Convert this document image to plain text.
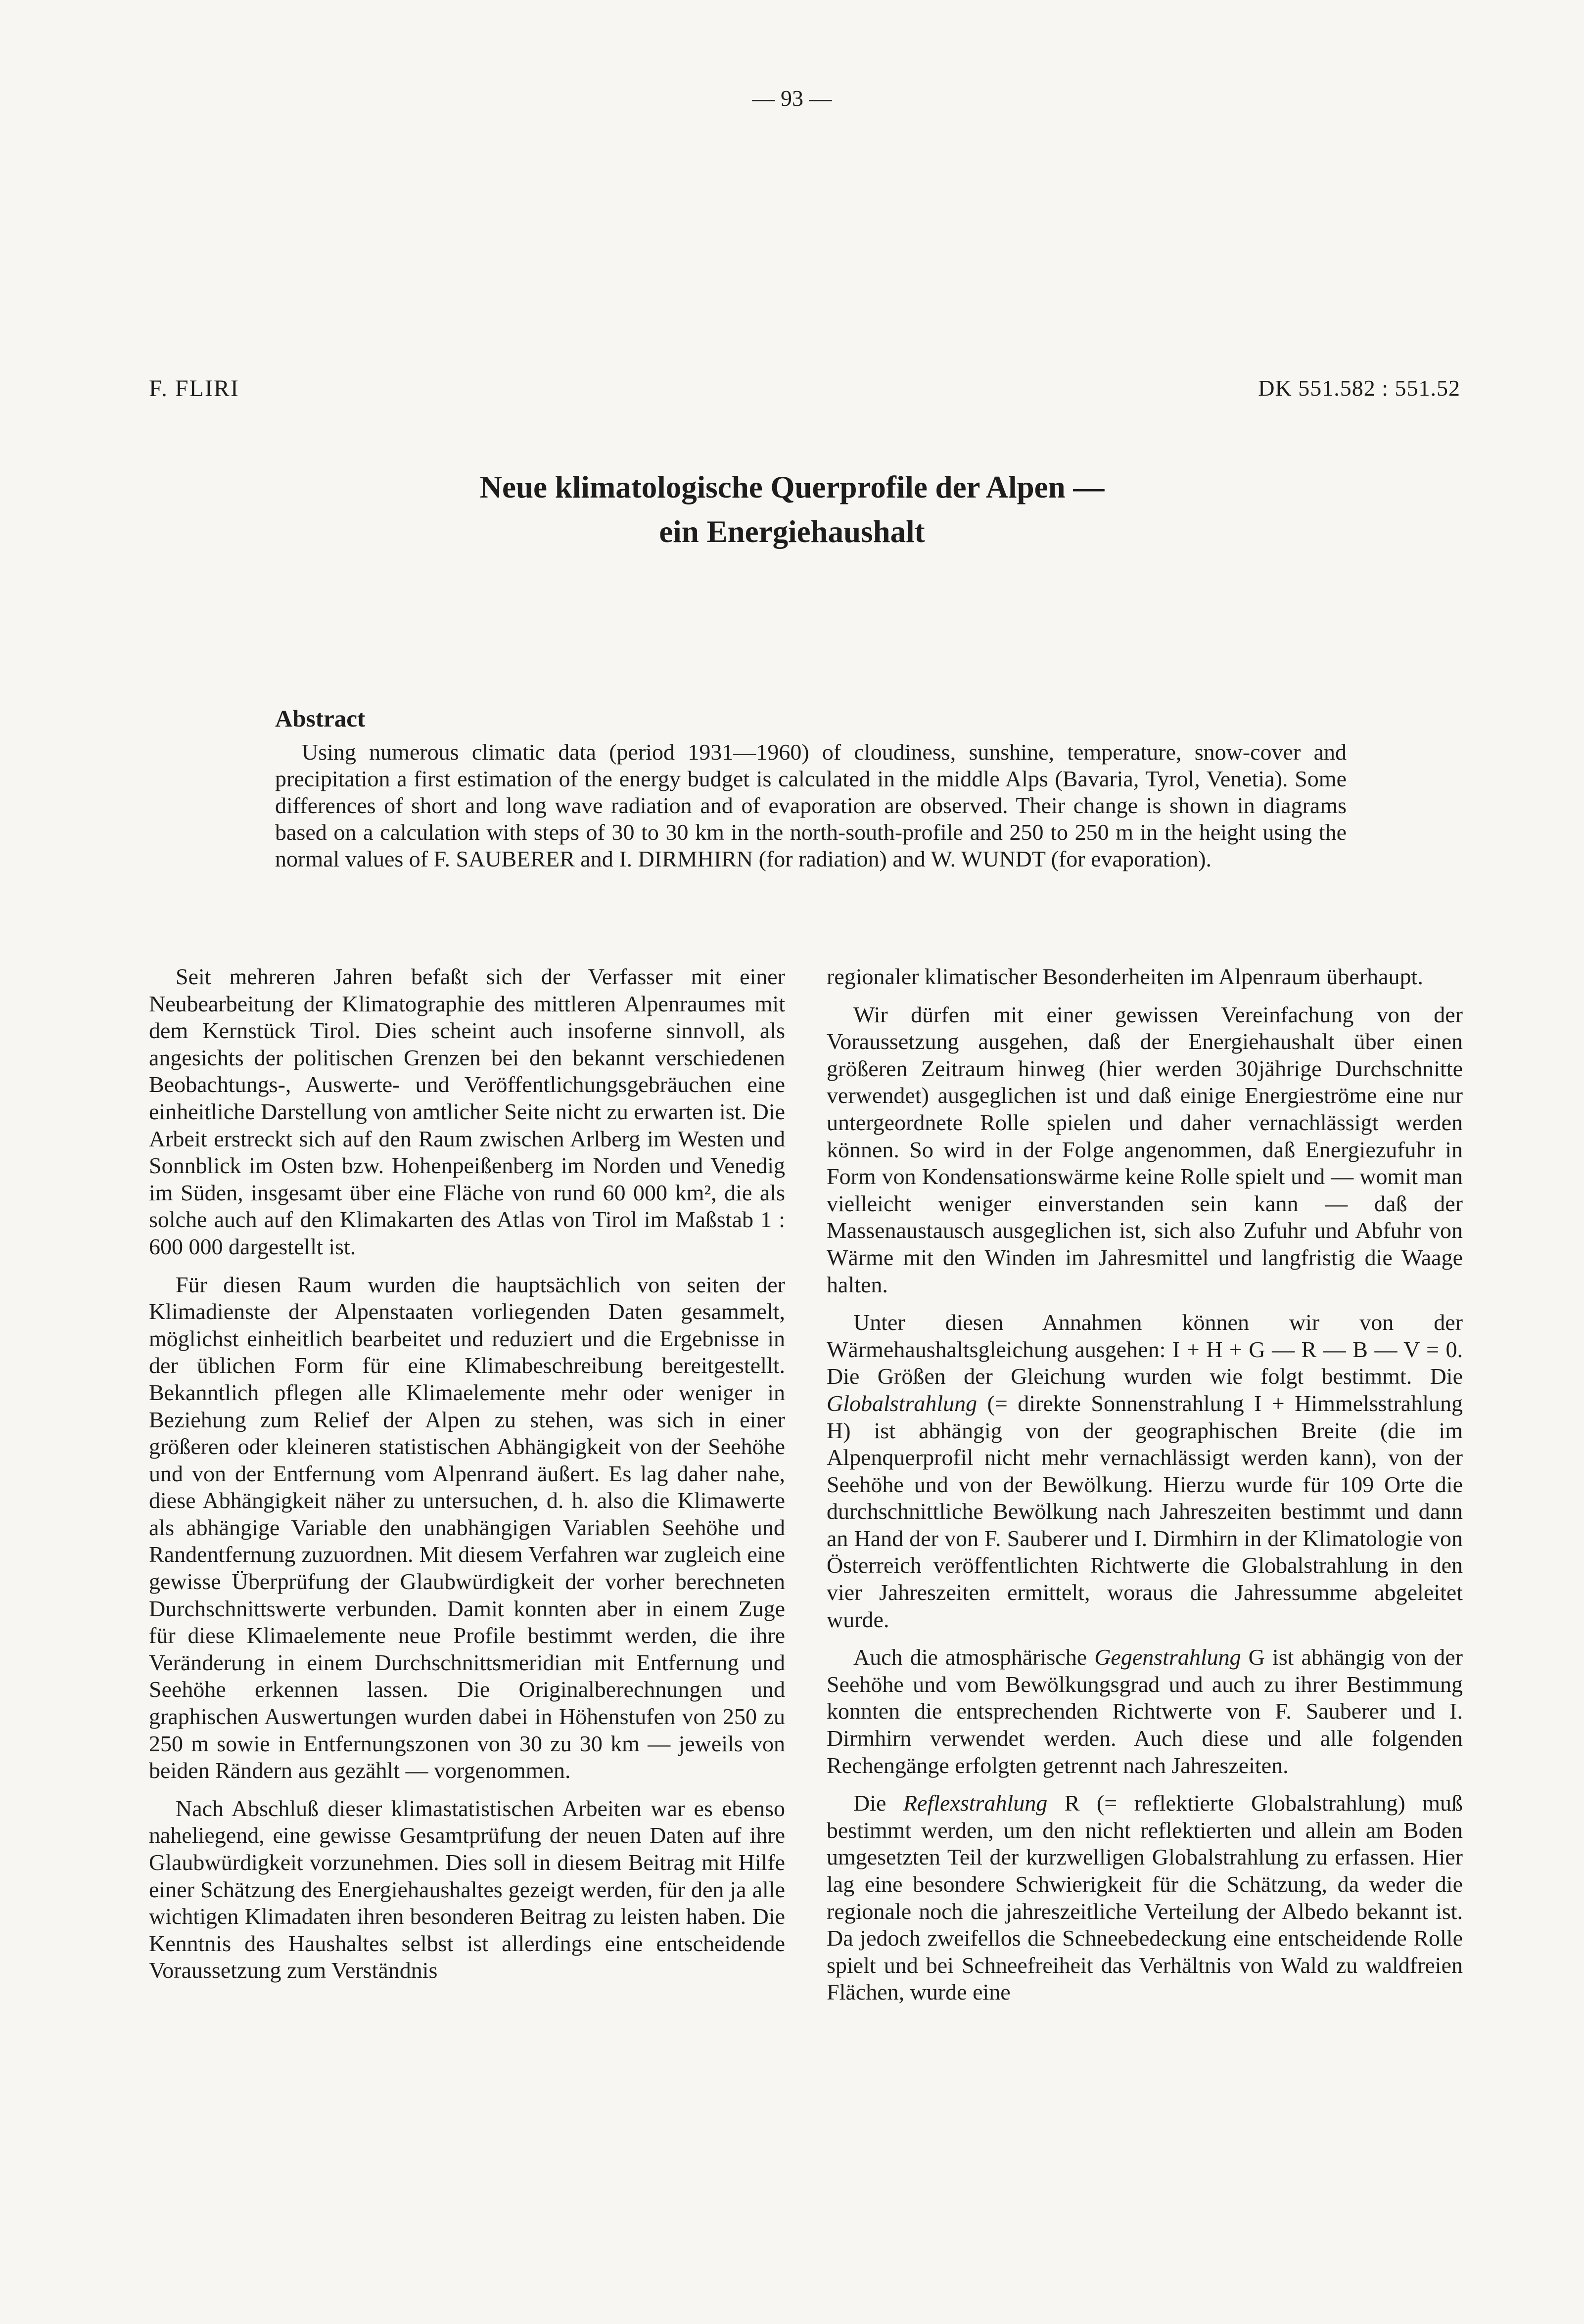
— 93 —
F. FLIRI	DK 551.582 : 551.52
Neue klimatologische Querprofile der Alpen —
ein Energiehaushalt
Abstract

Using numerous climatic data (period 1931—1960) of cloudiness, sunshine, temperature, snow-cover and precipitation a first estimation of the energy budget is calculated in the middle Alps (Bavaria, Tyrol, Venetia). Some differences of short and long wave radiation and of evaporation are observed. Their change is shown in diagrams based on a calculation with steps of 30 to 30 km in the north-south-profile and 250 to 250 m in the height using the normal values of F. SAUBERER and I. DIRMHIRN (for radiation) and W. WUNDT (for evaporation).

Seit mehreren Jahren befaßt sich der Verfasser mit einer Neubearbeitung der Klimatographie des mittleren Alpenraumes mit dem Kernstück Tirol. Dies scheint auch insoferne sinnvoll, als angesichts der politischen Grenzen bei den bekannt verschiedenen Beobachtungs-, Auswerte- und Veröffentlichungsgebräuchen eine einheitliche Darstellung von amtlicher Seite nicht zu erwarten ist. Die Arbeit erstreckt sich auf den Raum zwischen Arlberg im Westen und Sonnblick im Osten bzw. Hohenpeißenberg im Norden und Venedig im Süden, insgesamt über eine Fläche von rund 60 000 km², die als solche auch auf den Klimakarten des Atlas von Tirol im Maßstab 1 : 600 000 dargestellt ist.

Für diesen Raum wurden die hauptsächlich von seiten der Klimadienste der Alpenstaaten vorliegenden Daten gesammelt, möglichst einheitlich bearbeitet und reduziert und die Ergebnisse in der üblichen Form für eine Klimabeschreibung bereitgestellt. Bekanntlich pflegen alle Klimaelemente mehr oder weniger in Beziehung zum Relief der Alpen zu stehen, was sich in einer größeren oder kleineren statistischen Abhängigkeit von der Seehöhe und von der Entfernung vom Alpenrand äußert. Es lag daher nahe, diese Abhängigkeit näher zu untersuchen, d. h. also die Klimawerte als abhängige Variable den unabhängigen Variablen Seehöhe und Randentfernung zuzuordnen. Mit diesem Verfahren war zugleich eine gewisse Überprüfung der Glaubwürdigkeit der vorher berechneten Durchschnittswerte verbunden. Damit konnten aber in einem Zuge für diese Klimaelemente neue Profile bestimmt werden, die ihre Veränderung in einem Durchschnittsmeridian mit Entfernung und Seehöhe erkennen lassen. Die Originalberechnungen und graphischen Auswertungen wurden dabei in Höhenstufen von 250 zu 250 m sowie in Entfernungszonen von 30 zu 30 km — jeweils von beiden Rändern aus gezählt — vorgenommen.

Nach Abschluß dieser klimastatistischen Arbeiten war es ebenso naheliegend, eine gewisse Gesamtprüfung der neuen Daten auf ihre Glaubwürdigkeit vorzunehmen. Dies soll in diesem Beitrag mit Hilfe einer Schätzung des Energiehaushaltes gezeigt werden, für den ja alle wichtigen Klimadaten ihren besonderen Beitrag zu leisten haben. Die Kenntnis des Haushaltes selbst ist allerdings eine entscheidende Voraussetzung zum Verständnis

regionaler klimatischer Besonderheiten im Alpenraum überhaupt.

Wir dürfen mit einer gewissen Vereinfachung von der Voraussetzung ausgehen, daß der Energiehaushalt über einen größeren Zeitraum hinweg (hier werden 30jährige Durchschnitte verwendet) ausgeglichen ist und daß einige Energieströme eine nur untergeordnete Rolle spielen und daher vernachlässigt werden können. So wird in der Folge angenommen, daß Energiezufuhr in Form von Kondensationswärme keine Rolle spielt und — womit man vielleicht weniger einverstanden sein kann — daß der Massenaustausch ausgeglichen ist, sich also Zufuhr und Abfuhr von Wärme mit den Winden im Jahresmittel und langfristig die Waage halten.

Unter diesen Annahmen können wir von der Wärmehaushaltsgleichung ausgehen: I + H + G — R — B — V = 0. Die Größen der Gleichung wurden wie folgt bestimmt. Die Globalstrahlung (= direkte Sonnenstrahlung I + Himmelsstrahlung H) ist abhängig von der geographischen Breite (die im Alpenquerprofil nicht mehr vernachlässigt werden kann), von der Seehöhe und von der Bewölkung. Hierzu wurde für 109 Orte die durchschnittliche Bewölkung nach Jahreszeiten bestimmt und dann an Hand der von F. Sauberer und I. Dirmhirn in der Klimatologie von Österreich veröffentlichten Richtwerte die Globalstrahlung in den vier Jahreszeiten ermittelt, woraus die Jahressumme abgeleitet wurde.

Auch die atmosphärische Gegenstrahlung G ist abhängig von der Seehöhe und vom Bewölkungsgrad und auch zu ihrer Bestimmung konnten die entsprechenden Richtwerte von F. Sauberer und I. Dirmhirn verwendet werden. Auch diese und alle folgenden Rechengänge erfolgten getrennt nach Jahreszeiten.

Die Reflexstrahlung R (= reflektierte Globalstrahlung) muß bestimmt werden, um den nicht reflektierten und allein am Boden umgesetzten Teil der kurzwelligen Globalstrahlung zu erfassen. Hier lag eine besondere Schwierigkeit für die Schätzung, da weder die regionale noch die jahreszeitliche Verteilung der Albedo bekannt ist. Da jedoch zweifellos die Schneebedeckung eine entscheidende Rolle spielt und bei Schneefreiheit das Verhältnis von Wald zu waldfreien Flächen, wurde eine
